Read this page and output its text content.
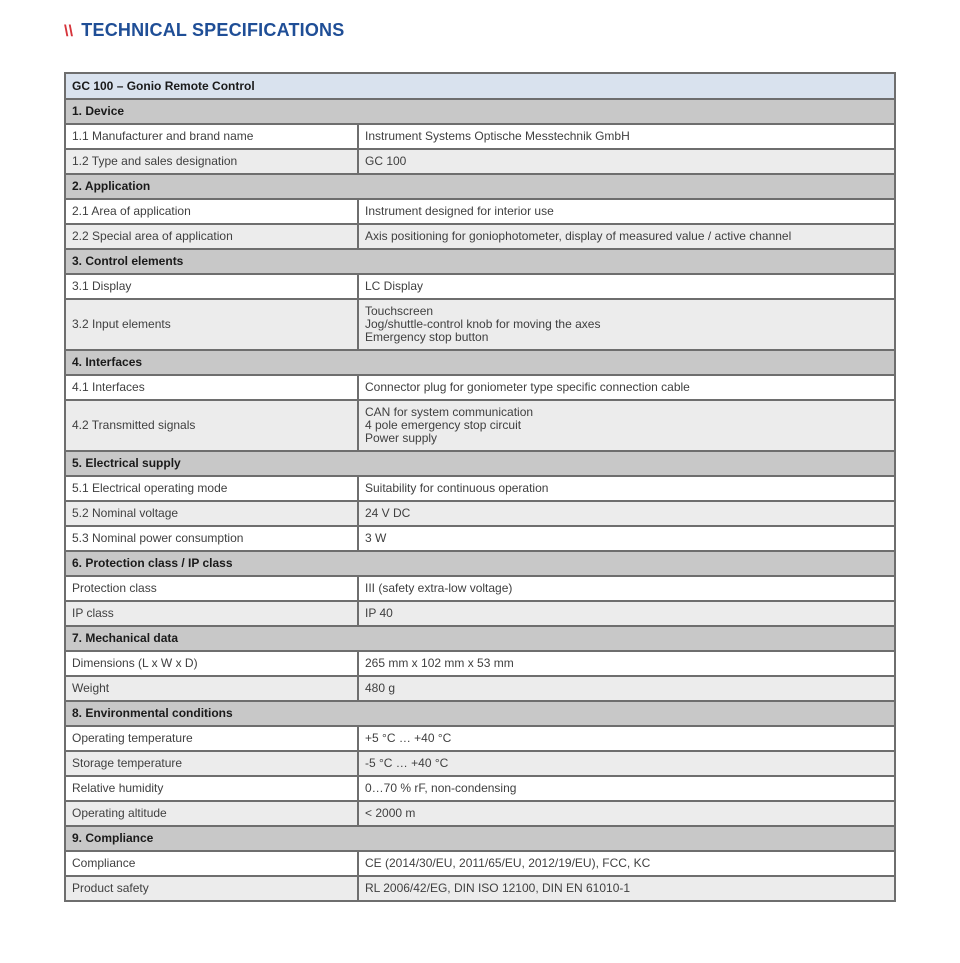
\\ TECHNICAL SPECIFICATIONS
GC 100 – Gonio Remote Control	
1. Device	
1.1 Manufacturer and brand name	Instrument Systems Optische Messtechnik GmbH

1.2 Type and sales designation	GC 100

2. Application	
2.1 Area of application	Instrument designed for interior use

2.2 Special area of application	Axis positioning for goniophotometer, display of measured value / active channel

3. Control elements	
3.1 Display	LC Display

3.2 Input elements	Touchscreen
Jog/shuttle-control knob for moving the axes
Emergency stop button

4. Interfaces	
4.1 Interfaces	Connector plug for goniometer type specific connection cable

4.2 Transmitted signals	CAN for system communication
4 pole emergency stop circuit
Power supply

5. Electrical supply	
5.1 Electrical operating mode	Suitability for continuous operation

5.2 Nominal voltage	24 V DC

5.3 Nominal power consumption	3 W

6. Protection class / IP class	
Protection class	III (safety extra-low voltage)

IP class	IP 40

7. Mechanical data	
Dimensions (L x W x D)	265 mm x 102 mm x 53 mm

Weight	480 g

8. Environmental conditions	
Operating temperature	+5 °C … +40 °C

Storage temperature	-5 °C … +40 °C

Relative humidity	0…70 % rF, non-condensing

Operating altitude	< 2000 m

9. Compliance	
Compliance	CE (2014/30/EU, 2011/65/EU, 2012/19/EU), FCC, KC

Product safety	RL 2006/42/EG, DIN ISO 12100, DIN EN 61010-1
